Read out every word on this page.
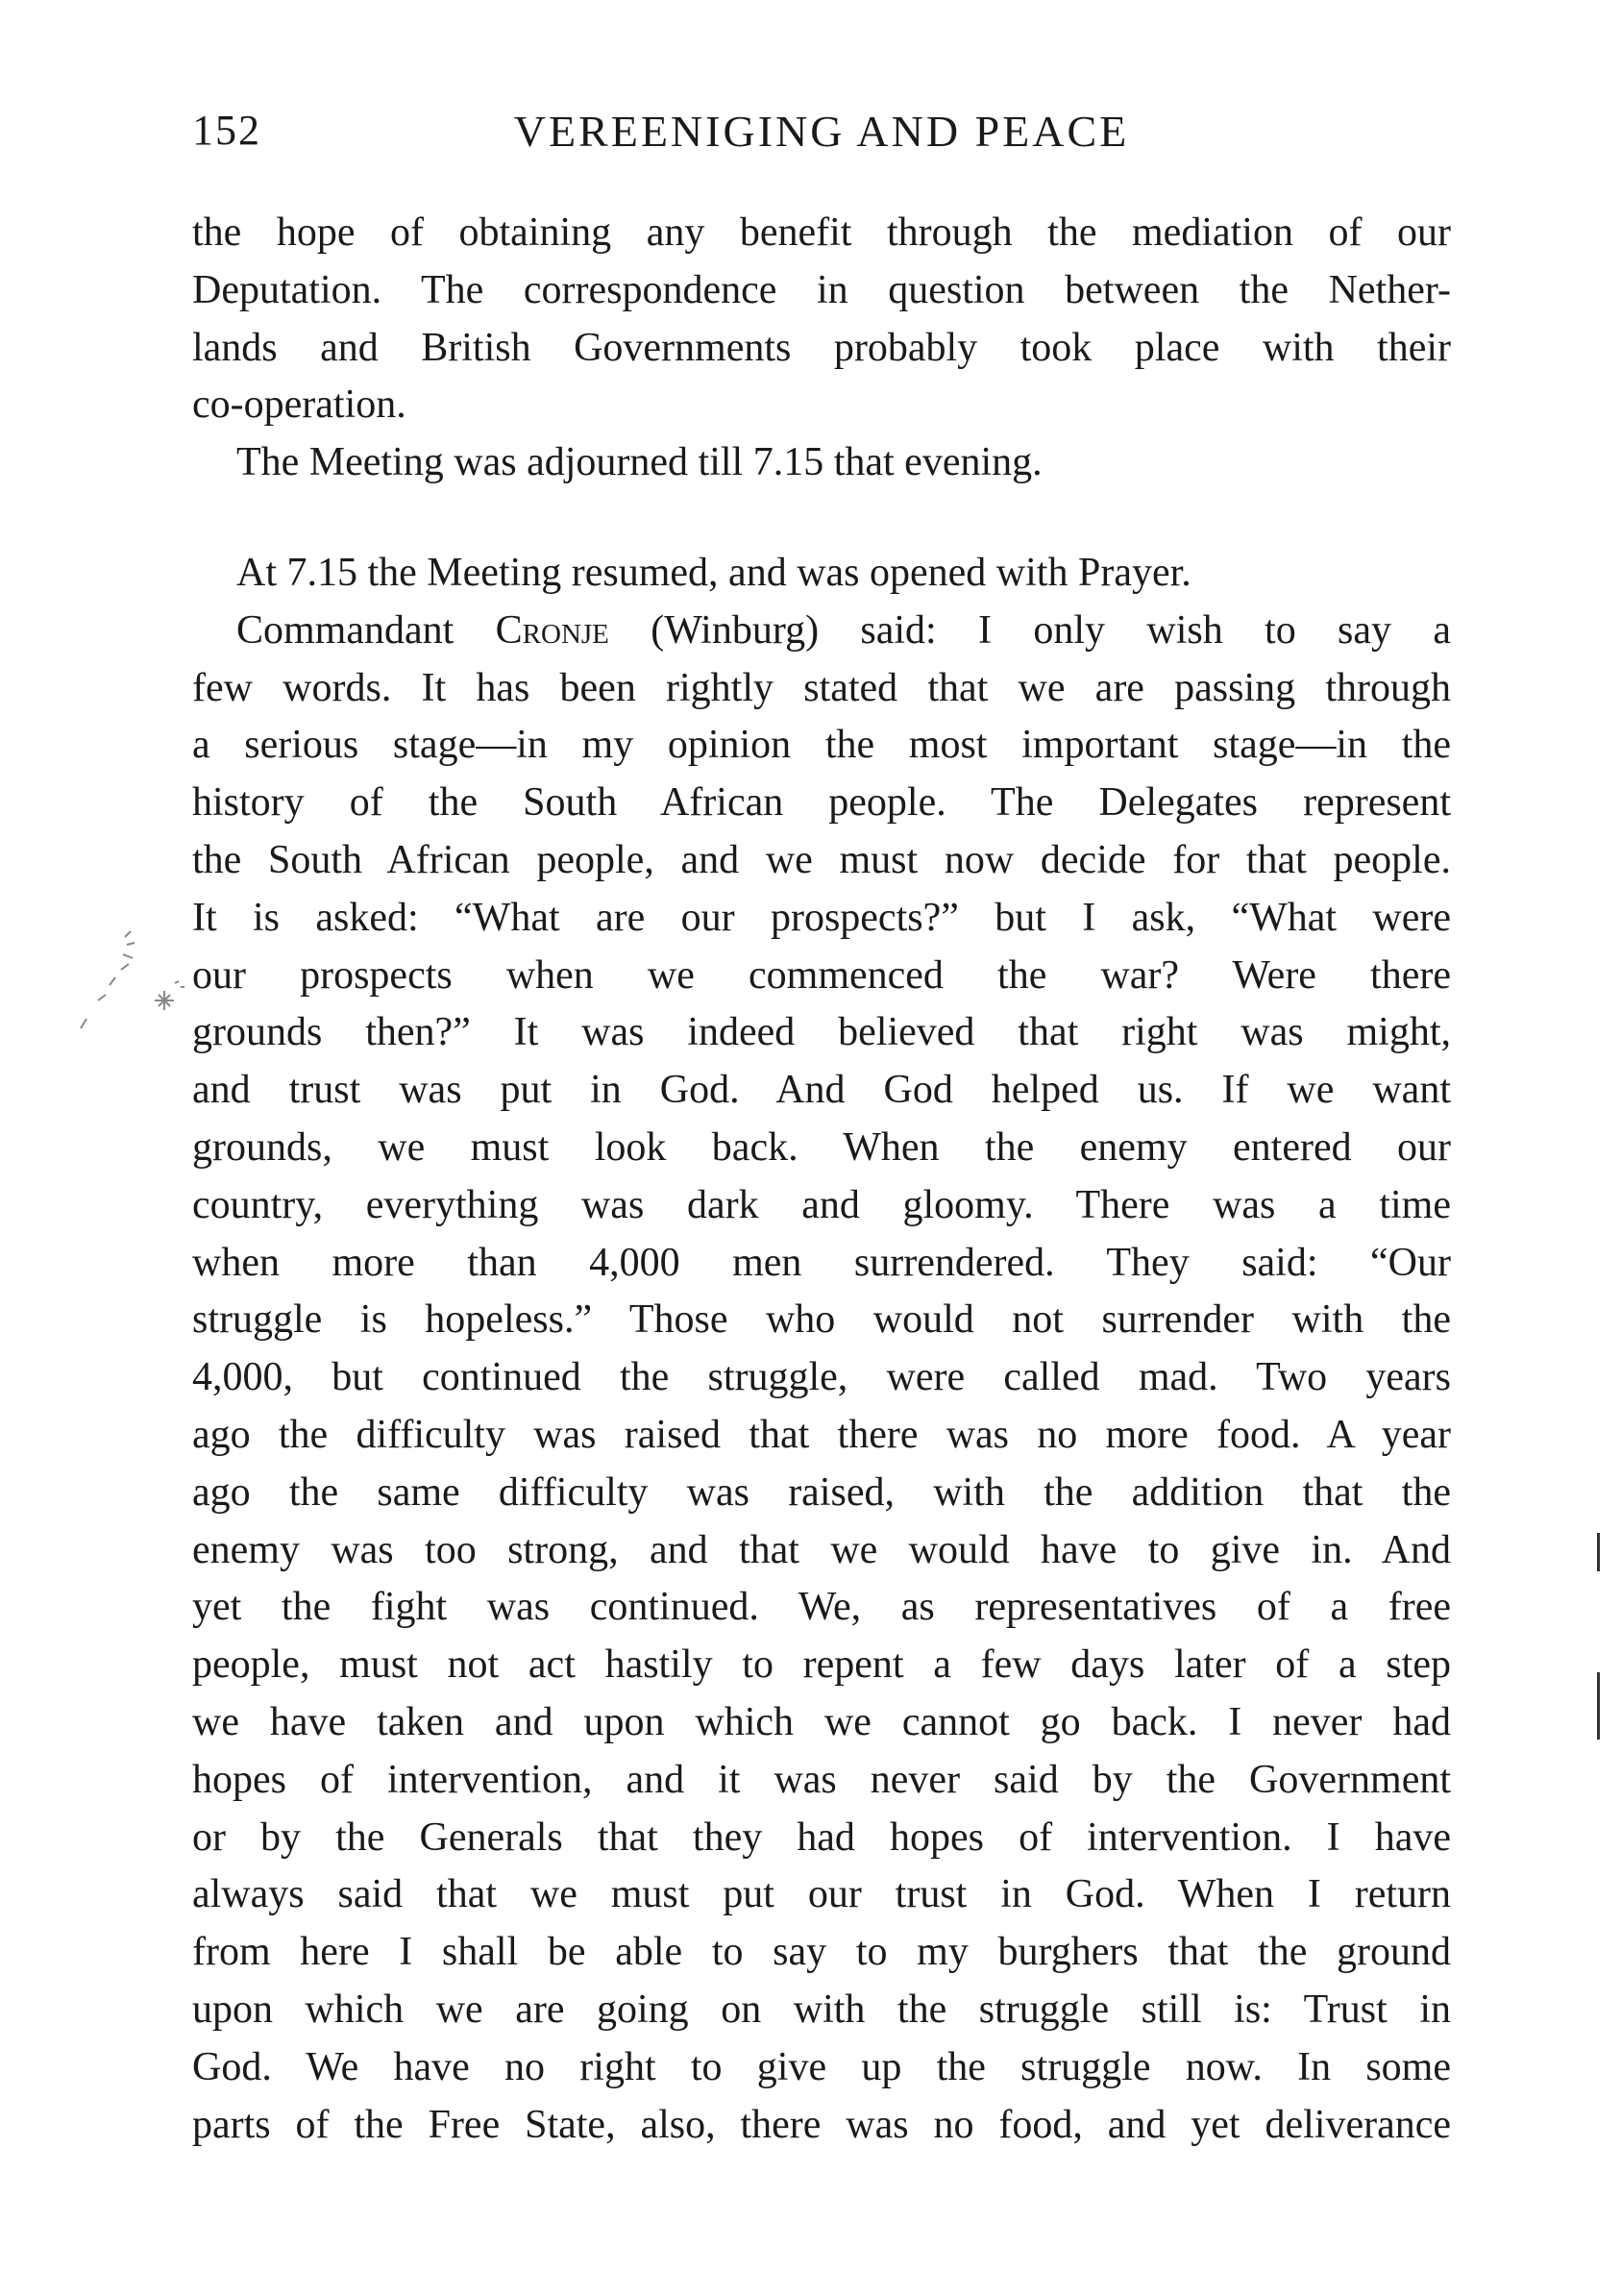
152	VEREENIGING AND PEACE
the hope of obtaining any benefit through the mediation of our
Deputation. The correspondence in question between the Nether-
lands and British Governments probably took place with their
co-operation.
The Meeting was adjourned till 7.15 that evening.
At 7.15 the Meeting resumed, and was opened with Prayer.
Commandant Cronje (Winburg) said: I only wish to say a
few words. It has been rightly stated that we are passing through
a serious stage—in my opinion the most important stage—in the
history of the South African people. The Delegates represent
the South African people, and we must now decide for that people.
It is asked: “What are our prospects?” but I ask, “What were
our prospects when we commenced the war? Were there
grounds then?” It was indeed believed that right was might,
and trust was put in God. And God helped us. If we want
grounds, we must look back. When the enemy entered our
country, everything was dark and gloomy. There was a time
when more than 4,000 men surrendered. They said: “Our
struggle is hopeless.” Those who would not surrender with the
4,000, but continued the struggle, were called mad. Two years
ago the difficulty was raised that there was no more food. A year
ago the same difficulty was raised, with the addition that the
enemy was too strong, and that we would have to give in. And
yet the fight was continued. We, as representatives of a free
people, must not act hastily to repent a few days later of a step
we have taken and upon which we cannot go back. I never had
hopes of intervention, and it was never said by the Government
or by the Generals that they had hopes of intervention. I have
always said that we must put our trust in God. When I return
from here I shall be able to say to my burghers that the ground
upon which we are going on with the struggle still is: Trust in
God. We have no right to give up the struggle now. In some
parts of the Free State, also, there was no food, and yet deliverance
